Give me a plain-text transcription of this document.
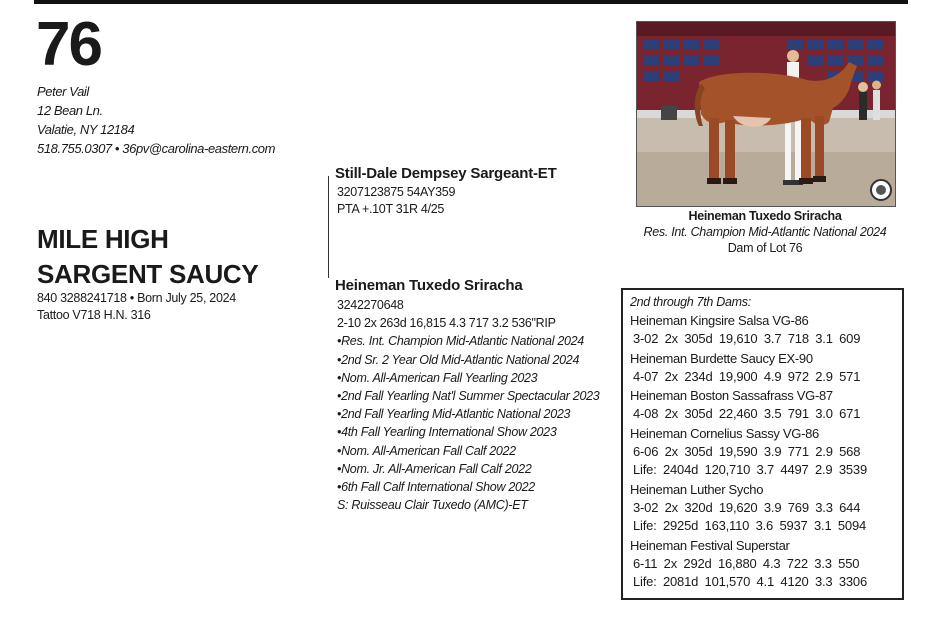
76
Peter Vail
12 Bean Ln.
Valatie, NY 12184
518.755.0307 • 36pv@carolina-eastern.com
MILE HIGH
SARGENT SAUCY
840 3288241718 • Born July 25, 2024
Tattoo V718 H.N. 316
Still-Dale Dempsey Sargeant-ET
3207123875 54AY359
PTA +.10T 31R 4/25
Heineman Tuxedo Sriracha
3242270648
2-10 2x 263d 16,815 4.3 717 3.2 536"RIP
•Res. Int. Champion Mid-Atlantic National 2024
•2nd Sr. 2 Year Old Mid-Atlantic National 2024
•Nom. All-American Fall Yearling 2023
•2nd Fall Yearling Nat'l Summer Spectacular 2023
•2nd Fall Yearling Mid-Atlantic National 2023
•4th Fall Yearling International Show 2023
•Nom. All-American Fall Calf 2022
•Nom. Jr. All-American Fall Calf 2022
•6th Fall Calf International Show 2022
S: Ruisseau Clair Tuxedo (AMC)-ET
Heineman Tuxedo Sriracha
Res. Int. Champion Mid-Atlantic National 2024
Dam of Lot 76
2nd through 7th Dams:
Heineman Kingsire Salsa VG-86
3-02 2x 305d 19,610 3.7 718 3.1 609
Heineman Burdette Saucy EX-90
4-07 2x 234d 19,900 4.9 972 2.9 571
Heineman Boston Sassafrass VG-87
4-08 2x 305d 22,460 3.5 791 3.0 671
Heineman Cornelius Sassy VG-86
6-06 2x 305d 19,590 3.9 771 2.9 568
Life: 2404d 120,710 3.7 4497 2.9 3539
Heineman Luther Sycho
3-02 2x 320d 19,620 3.9 769 3.3 644
Life: 2925d 163,110 3.6 5937 3.1 5094
Heineman Festival Superstar
6-11 2x 292d 16,880 4.3 722 3.3 550
Life: 2081d 101,570 4.1 4120 3.3 3306
